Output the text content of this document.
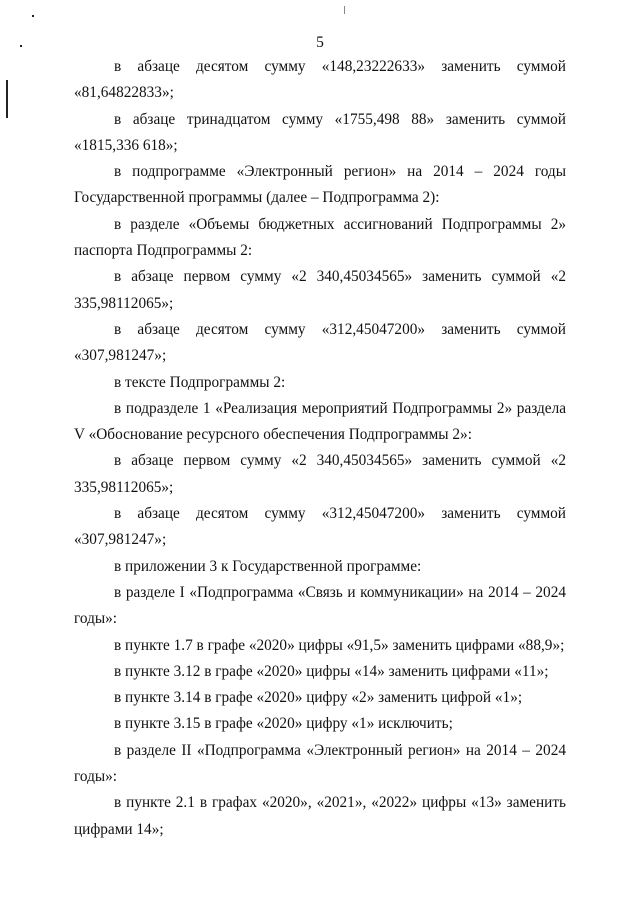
5

в абзаце десятом сумму «148,23222633» заменить суммой «81,64822833»;

в абзаце тринадцатом сумму «1755,498 88» заменить суммой «1815,336 618»;

в подпрограмме «Электронный регион» на 2014 – 2024 годы Государственной программы (далее – Подпрограмма 2):

в разделе «Объемы бюджетных ассигнований Подпрограммы 2» паспорта Подпрограммы 2:

в абзаце первом сумму «2 340,45034565» заменить суммой «2 335,98112065»;

в абзаце десятом сумму «312,45047200» заменить суммой «307,981247»;

в тексте Подпрограммы 2:

в подразделе 1 «Реализация мероприятий Подпрограммы 2» раздела V «Обоснование ресурсного обеспечения Подпрограммы 2»:

в абзаце первом сумму «2 340,45034565» заменить суммой «2 335,98112065»;

в абзаце десятом сумму «312,45047200» заменить суммой «307,981247»;

в приложении 3 к Государственной программе:

в разделе I «Подпрограмма «Связь и коммуникации» на 2014 – 2024 годы»:

в пункте 1.7 в графе «2020» цифры «91,5» заменить цифрами «88,9»;

в пункте 3.12 в графе «2020» цифры «14» заменить цифрами «11»;

в пункте 3.14 в графе «2020» цифру «2» заменить цифрой «1»;

в пункте 3.15 в графе «2020» цифру «1» исключить;

в разделе II «Подпрограмма «Электронный регион» на 2014 – 2024 годы»:

в пункте 2.1 в графах «2020», «2021», «2022» цифры «13» заменить цифрами 14»;
